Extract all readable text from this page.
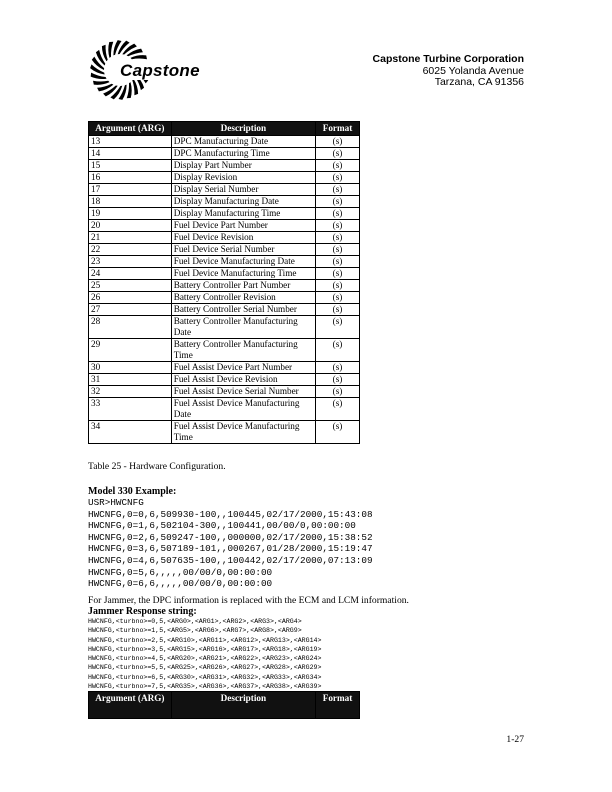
Capstone
Capstone Turbine Corporation
6025 Yolanda Avenue
Tarzana, CA 91356
Argument (ARG)	Description	Format
13	DPC Manufacturing Date	(s)
14	DPC Manufacturing Time	(s)
15	Display Part Number	(s)
16	Display Revision	(s)
17	Display Serial Number	(s)
18	Display Manufacturing Date	(s)
19	Display Manufacturing Time	(s)
20	Fuel Device Part Number	(s)
21	Fuel Device Revision	(s)
22	Fuel Device Serial Number	(s)
23	Fuel Device Manufacturing Date	(s)
24	Fuel Device Manufacturing Time	(s)
25	Battery Controller Part Number	(s)
26	Battery Controller Revision	(s)
27	Battery Controller Serial Number	(s)
28	Battery Controller Manufacturing Date	(s)
29	Battery Controller Manufacturing Time	(s)
30	Fuel Assist Device Part Number	(s)
31	Fuel Assist Device Revision	(s)
32	Fuel Assist Device Serial Number	(s)
33	Fuel Assist Device Manufacturing Date	(s)
34	Fuel Assist Device Manufacturing Time	(s)
Table 25 - Hardware Configuration.
Model 330 Example:
USR>HWCNFG
HWCNFG,0=0,6,509930-100,,100445,02/17/2000,15:43:08
HWCNFG,0=1,6,502104-300,,100441,00/00/0,00:00:00
HWCNFG,0=2,6,509247-100,,000000,02/17/2000,15:38:52
HWCNFG,0=3,6,507189-101,,000267,01/28/2000,15:19:47
HWCNFG,0=4,6,507635-100,,100442,02/17/2000,07:13:09
HWCNFG,0=5,6,,,,,00/00/0,00:00:00
HWCNFG,0=6,6,,,,,00/00/0,00:00:00
For Jammer, the DPC information is replaced with the ECM and LCM information.
Jammer Response string:
HWCNFG,<turbno>=0,5,<ARG0>,<ARG1>,<ARG2>,<ARG3>,<ARG4>
HWCNFG,<turbno>=1,5,<ARG5>,<ARG6>,<ARG7>,<ARG8>,<ARG9>
HWCNFG,<turbno>=2,5,<ARG10>,<ARG11>,<ARG12>,<ARG13>,<ARG14>
HWCNFG,<turbno>=3,5,<ARG15>,<ARG16>,<ARG17>,<ARG18>,<ARG19>
HWCNFG,<turbno>=4,5,<ARG20>,<ARG21>,<ARG22>,<ARG23>,<ARG24>
HWCNFG,<turbno>=5,5,<ARG25>,<ARG26>,<ARG27>,<ARG28>,<ARG29>
HWCNFG,<turbno>=6,5,<ARG30>,<ARG31>,<ARG32>,<ARG33>,<ARG34>
HWCNFG,<turbno>=7,5,<ARG35>,<ARG36>,<ARG37>,<ARG38>,<ARG39>
Argument (ARG)	Description	Format
1-27
